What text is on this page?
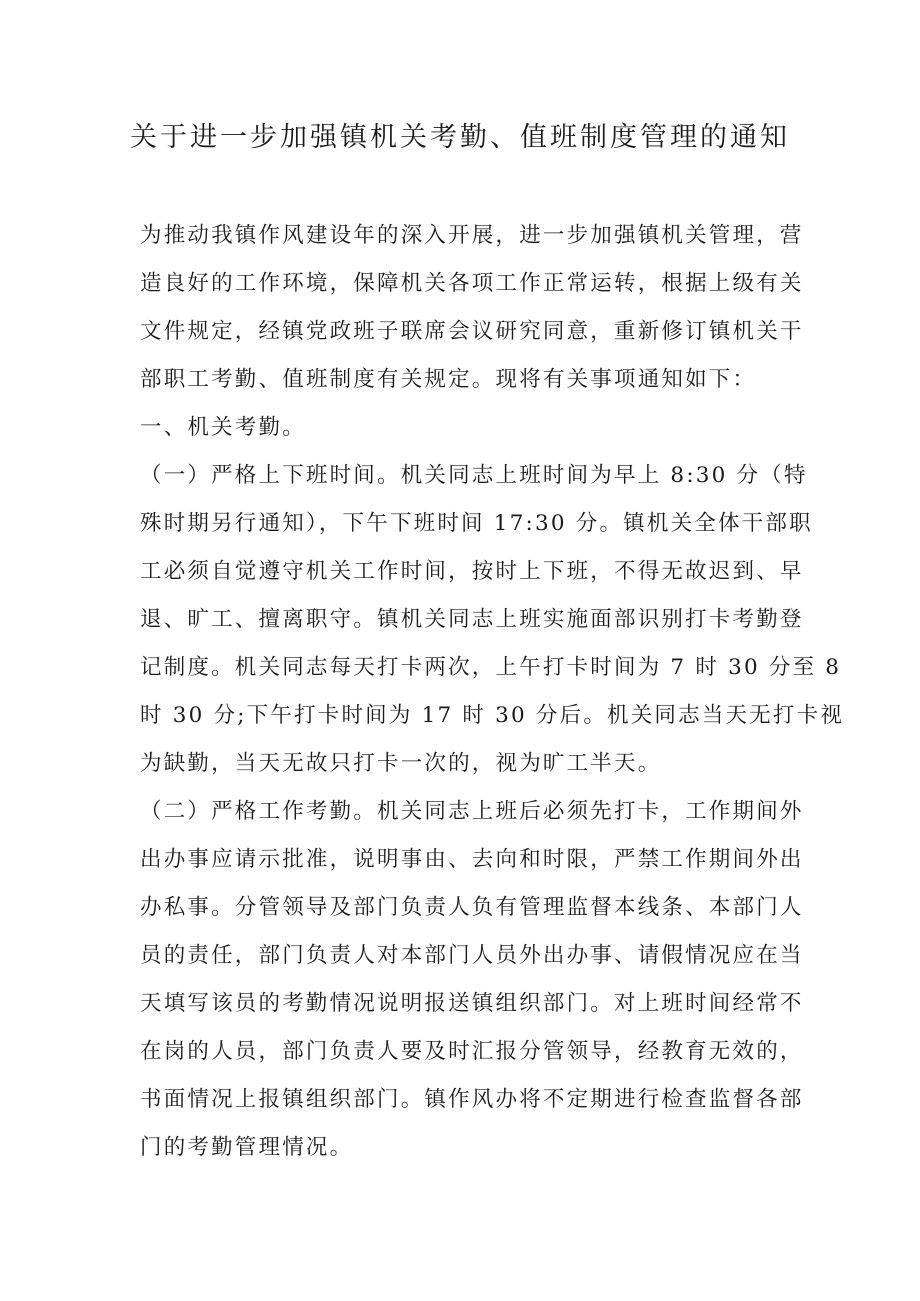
关于进一步加强镇机关考勤、值班制度管理的通知
为推动我镇作风建设年的深入开展，进一步加强镇机关管理，营
造良好的工作环境，保障机关各项工作正常运转，根据上级有关
文件规定，经镇党政班子联席会议研究同意，重新修订镇机关干
部职工考勤、值班制度有关规定。现将有关事项通知如下：
一、机关考勤。
（一）严格上下班时间。机关同志上班时间为早上 8:30 分（特
殊时期另行通知），下午下班时间 17:30 分。镇机关全体干部职
工必须自觉遵守机关工作时间，按时上下班，不得无故迟到、早
退、旷工、擅离职守。镇机关同志上班实施面部识别打卡考勤登
记制度。机关同志每天打卡两次，上午打卡时间为 7 时 30 分至 8
时 30 分;下午打卡时间为 17 时 30 分后。机关同志当天无打卡视
为缺勤，当天无故只打卡一次的，视为旷工半天。
（二）严格工作考勤。机关同志上班后必须先打卡，工作期间外
出办事应请示批准，说明事由、去向和时限，严禁工作期间外出
办私事。分管领导及部门负责人负有管理监督本线条、本部门人
员的责任，部门负责人对本部门人员外出办事、请假情况应在当
天填写该员的考勤情况说明报送镇组织部门。对上班时间经常不
在岗的人员，部门负责人要及时汇报分管领导，经教育无效的，
书面情况上报镇组织部门。镇作风办将不定期进行检查监督各部
门的考勤管理情况。
